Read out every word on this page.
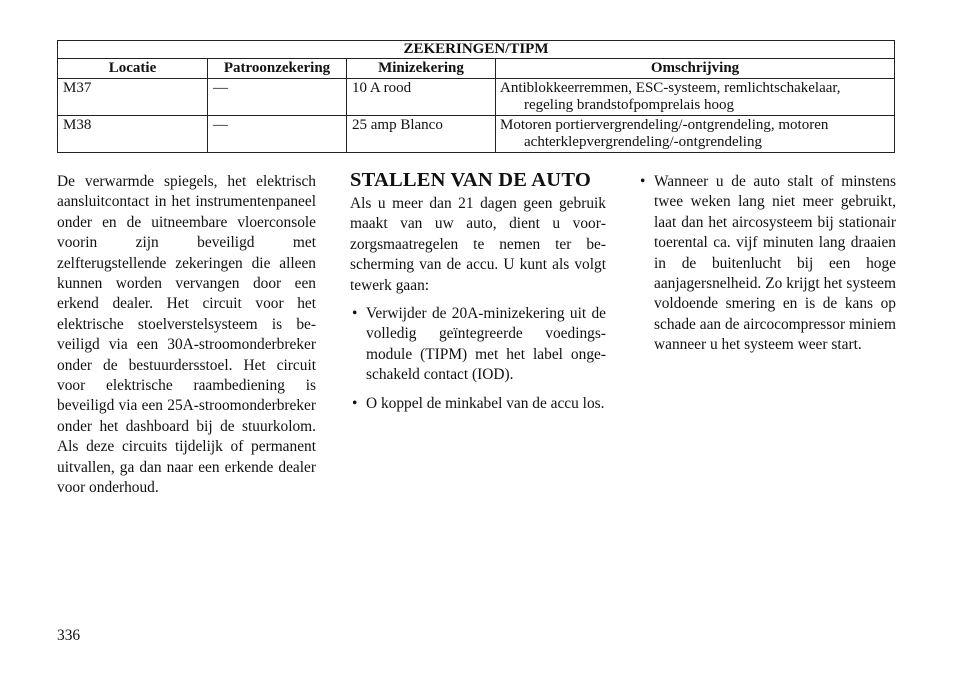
ZEKERINGEN/TIPM			
Locatie	Patroonzekering	Minizekering	Omschrijving
M37	—	10 A rood	Antiblokkeerremmen, ESC-systeem, remlichtschakelaar, regeling brandstofpomprelais hoog
M38	—	25 amp Blanco	Motoren portiervergrendeling/-ontgrendeling, motoren achterklepvergrendeling/-ontgrendeling

De verwarmde spiegels, het elektrisch aansluitcontact in het instrumentenpaneel onder en de uitneembare vloerconsole voorin zijn beveiligd met zelfterugstellende zekeringen die alleen kunnen worden vervangen door een erkend dealer. Het circuit voor het elektrische stoelverstelsysteem is beveiligd via een 30A-stroomonderbreker onder de bestuurdersstoel. Het circuit voor elektrische raambediening is beveiligd via een 25A-stroomonderbreker onder het dashboard bij de stuurkolom. Als deze circuits tijdelijk of permanent uitvallen, ga dan naar een erkende dealer voor onderhoud.

STALLEN VAN DE AUTO

Als u meer dan 21 dagen geen gebruik maakt van uw auto, dient u voorzorgsmaatregelen te nemen ter bescherming van de accu. U kunt als volgt tewerk gaan:

• Verwijder de 20A-minizekering uit de volledig geïntegreerde voedingsmodule (TIPM) met het label ongeschakeld contact (IOD).
• O koppel de minkabel van de accu los.
• Wanneer u de auto stalt of minstens twee weken lang niet meer gebruikt, laat dan het aircosysteem bij stationair toerental ca. vijf minuten lang draaien in de buitenlucht bij een hoge aanjagersnelheid. Zo krijgt het systeem voldoende smering en is de kans op schade aan de aircocompressor miniem wanneer u het systeem weer start.
336
